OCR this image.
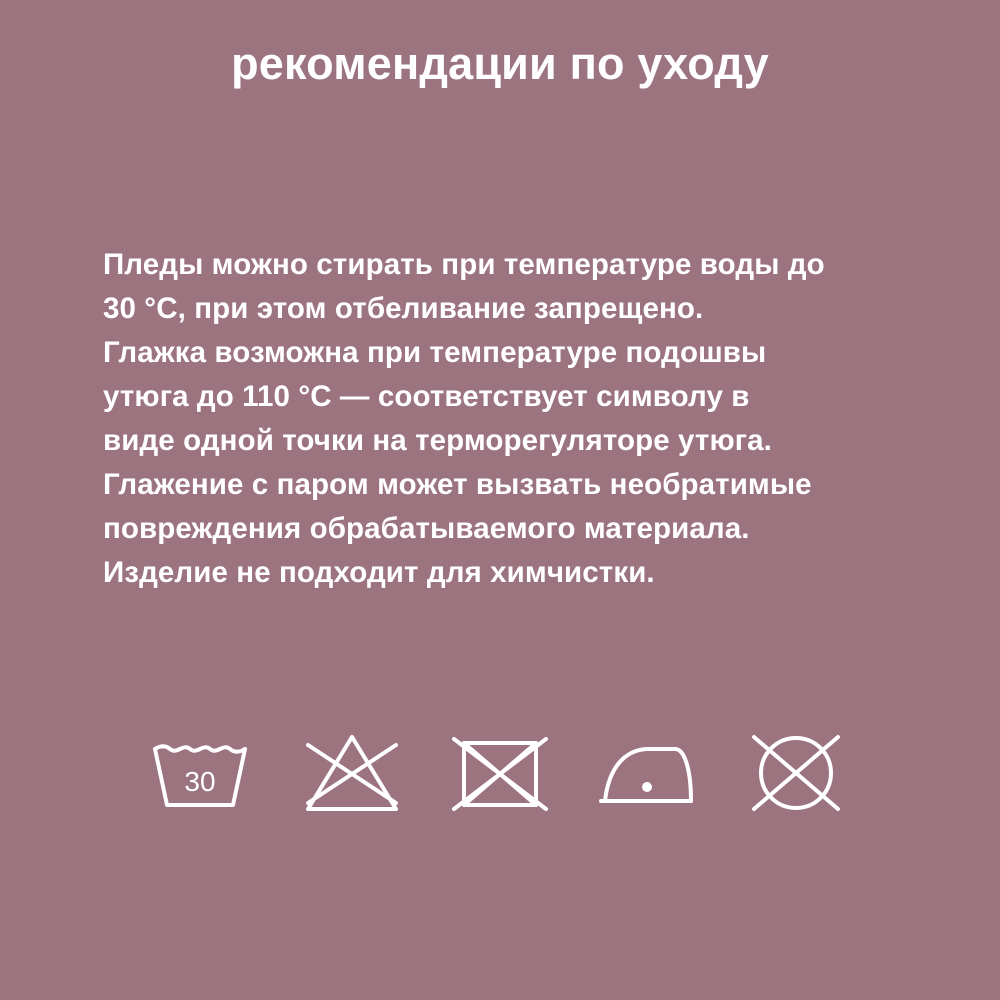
рекомендации по уходу

Пледы можно стирать при температуре воды до

30 °C, при этом отбеливание запрещено.

Глажка возможна при температуре подошвы

утюга до 110 °C — соответствует символу в

виде одной точки на терморегуляторе утюга.

Глажение с паром может вызвать необратимые

повреждения обрабатываемого материала.

Изделие не подходит для химчистки.

30
